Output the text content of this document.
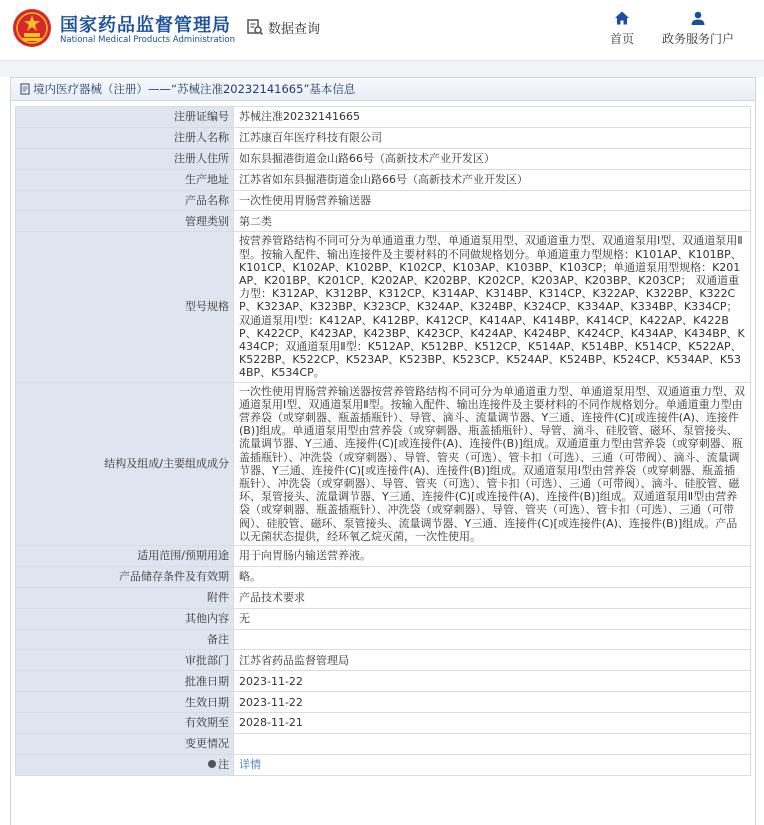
国家药品监督管理局
National Medical Products Administration
数据查询
首页	政务服务门户
境内医疗器械（注册）——“苏械注准20232141665”基本信息
注册证编号	苏械注准20232141665
注册人名称	江苏康百年医疗科技有限公司
注册人住所	如东县掘港街道金山路66号（高新技术产业开发区）
生产地址	江苏省如东县掘港街道金山路66号（高新技术产业开发区）
产品名称	一次性使用胃肠营养输送器
管理类别	第二类
型号规格	按营养管路结构不同可分为单通道重力型、单通道泵用型、双通道重力型、双通道泵用Ⅰ型、双通道泵用Ⅱ型。按输入配件、输出连接件及主要材料的不同做规格划分。单通道重力型规格：K101AP、K101BP、K101CP、K102AP、K102BP、K102CP、K103AP、K103BP、K103CP；单通道泵用型规格：K201AP、K201BP、K201CP、K202AP、K202BP、K202CP、K203AP、K203BP、K203CP； 双通道重力型：K312AP、K312BP、K312CP、K314AP、K314BP、K314CP、K322AP、K322BP、K322CP、K323AP、K323BP、K323CP、K324AP、K324BP、K324CP、K334AP、K334BP、K334CP；双通道泵用Ⅰ型：K412AP、K412BP、K412CP、K414AP、K414BP、K414CP、K422AP、K422BP、K422CP、K423AP、K423BP、K423CP、K424AP、K424BP、K424CP、K434AP、K434BP、K434CP；双通道泵用Ⅱ型：K512AP、K512BP、K512CP、K514AP、K514BP、K514CP、K522AP、K522BP、K522CP、K523AP、K523BP、K523CP、K524AP、K524BP、K524CP、K534AP、K534BP、K534CP。
结构及组成/主要组成成分	一次性使用胃肠营养输送器按营养管路结构不同可分为单通道重力型、单通道泵用型、双通道重力型、双通道泵用Ⅰ型、双通道泵用Ⅱ型。按输入配件、输出连接件及主要材料的不同作规格划分。单通道重力型由营养袋（或穿刺器、瓶盖插瓶针）、导管、滴斗、流量调节器、Y三通、连接件(C)[或连接件(A)、连接件(B)]组成。单通道泵用型由营养袋（或穿刺器、瓶盖插瓶针）、导管、滴斗、硅胶管、磁环、泵管接头、流量调节器、Y三通、连接件(C)[或连接件(A)、连接件(B)]组成。双通道重力型由营养袋（或穿刺器、瓶盖插瓶针）、冲洗袋（或穿刺器）、导管、管夹（可选）、管卡扣（可选）、三通（可带阀）、滴斗、流量调节器、Y三通、连接件(C)[或连接件(A)、连接件(B)]组成。双通道泵用Ⅰ型由营养袋（或穿刺器、瓶盖插瓶针）、冲洗袋（或穿刺器）、导管、管夹（可选）、管卡扣（可选）、三通（可带阀）、滴斗、硅胶管、磁环、泵管接头、流量调节器、Y三通、连接件(C)[或连接件(A)、连接件(B)]组成。双通道泵用Ⅱ型由营养袋（或穿刺器、瓶盖插瓶针）、冲洗袋（或穿刺器）、导管、管夹（可选）、管卡扣（可选）、三通（可带阀）、硅胶管、磁环、泵管接头、流量调节器、Y三通、连接件(C)[或连接件(A)、连接件(B)]组成。产品以无菌状态提供，经环氧乙烷灭菌，一次性使用。
适用范围/预期用途	用于向胃肠内输送营养液。
产品储存条件及有效期	略。
附件	产品技术要求
其他内容	无
备注	
审批部门	江苏省药品监督管理局
批准日期	2023-11-22
生效日期	2023-11-22
有效期至	2028-11-21
变更情况	
注	详情
